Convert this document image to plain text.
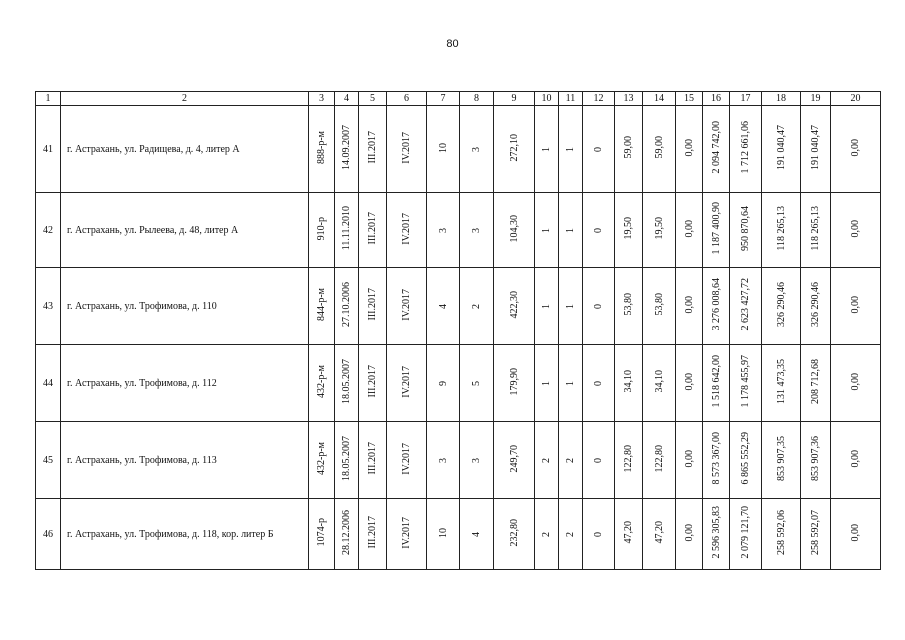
80
1	2	3	4	5	6	7	8	9	10	11	12	13	14	15	16	17	18	19	20
41	г. Астрахань, ул. Радищева, д. 4, литер А	888-р-м	14.09.2007	III.2017	IV.2017	10	3	272,10	1	1	0	59,00	59,00	0,00	2 094 742,00	1 712 661,06	191 040,47	191 040,47	0,00
42	г. Астрахань, ул. Рылеева, д. 48, литер А	910-р	11.11.2010	III.2017	IV.2017	3	3	104,30	1	1	0	19,50	19,50	0,00	1 187 400,90	950 870,64	118 265,13	118 265,13	0,00
43	г. Астрахань, ул. Трофимова, д. 110	844-р-м	27.10.2006	III.2017	IV.2017	4	2	422,30	1	1	0	53,80	53,80	0,00	3 276 008,64	2 623 427,72	326 290,46	326 290,46	0,00
44	г. Астрахань, ул. Трофимова, д. 112	432-р-м	18.05.2007	III.2017	IV.2017	9	5	179,90	1	1	0	34,10	34,10	0,00	1 518 642,00	1 178 455,97	131 473,35	208 712,68	0,00
45	г. Астрахань, ул. Трофимова, д. 113	432-р-м	18.05.2007	III.2017	IV.2017	3	3	249,70	2	2	0	122,80	122,80	0,00	8 573 367,00	6 865 552,29	853 907,35	853 907,36	0,00
46	г. Астрахань, ул. Трофимова, д. 118, кор. литер Б	1074-р	28.12.2006	III.2017	IV.2017	10	4	232,80	2	2	0	47,20	47,20	0,00	2 596 305,83	2 079 121,70	258 592,06	258 592,07	0,00
